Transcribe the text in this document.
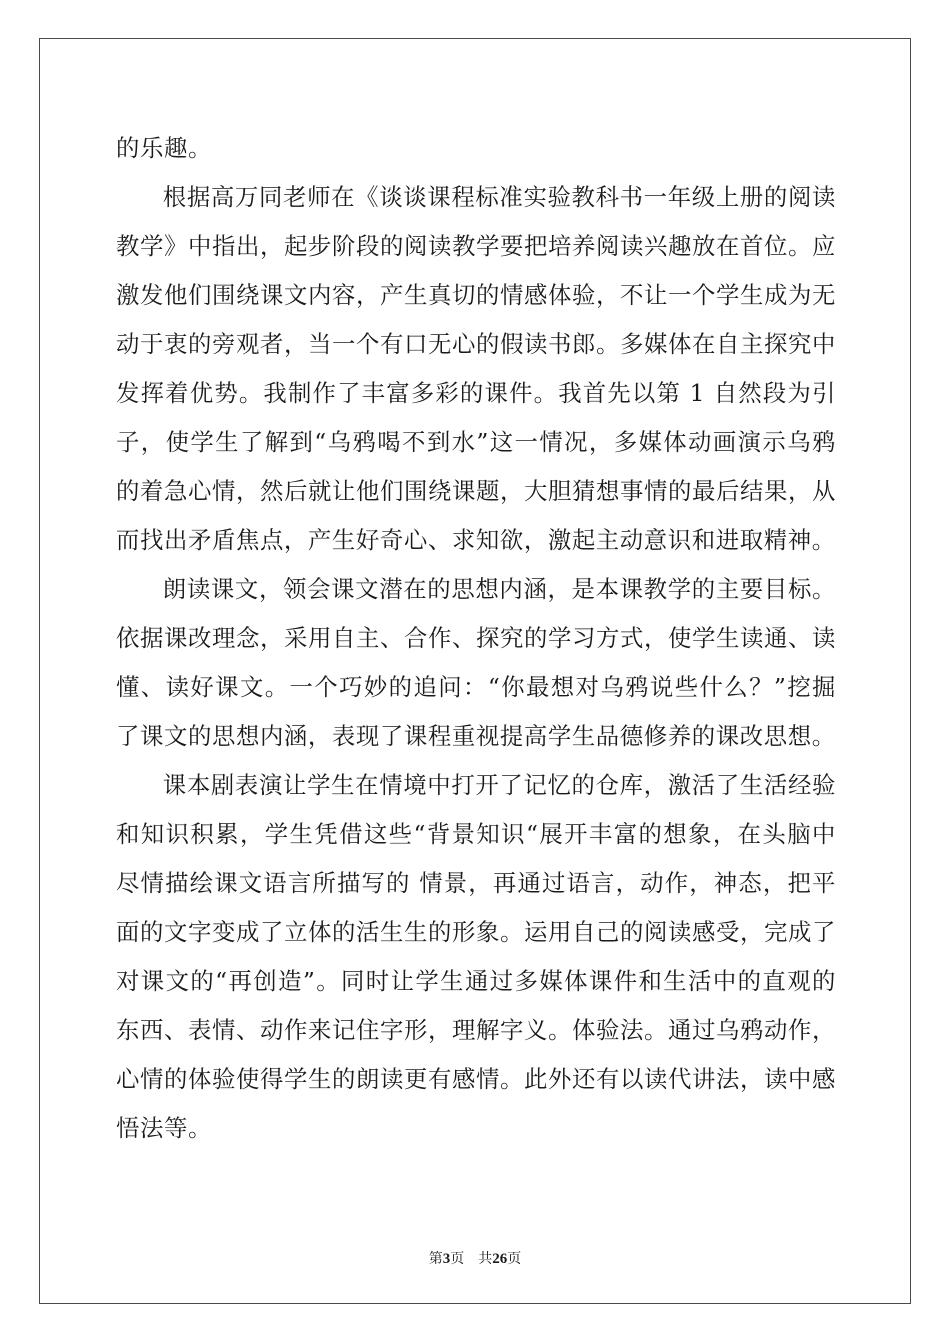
的乐趣。

根据高万同老师在《谈谈课程标准实验教科书一年级上册的阅读教学》中指出，起步阶段的阅读教学要把培养阅读兴趣放在首位。应激发他们围绕课文内容，产生真切的情感体验，不让一个学生成为无动于衷的旁观者，当一个有口无心的假读书郎。多媒体在自主探究中发挥着优势。我制作了丰富多彩的课件。我首先以第 1 自然段为引子，使学生了解到“乌鸦喝不到水”这一情况，多媒体动画演示乌鸦的着急心情，然后就让他们围绕课题，大胆猜想事情的最后结果，从而找出矛盾焦点，产生好奇心、求知欲，激起主动意识和进取精神。

朗读课文，领会课文潜在的思想内涵，是本课教学的主要目标。依据课改理念，采用自主、合作、探究的学习方式，使学生读通、读懂、读好课文。一个巧妙的追问：“你最想对乌鸦说些什么？”挖掘了课文的思想内涵，表现了课程重视提高学生品德修养的课改思想。

课本剧表演让学生在情境中打开了记忆的仓库，激活了生活经验和知识积累，学生凭借这些“背景知识“展开丰富的想象，在头脑中尽情描绘课文语言所描写的 情景，再通过语言，动作，神态，把平面的文字变成了立体的活生生的形象。运用自己的阅读感受，完成了对课文的“再创造”。同时让学生通过多媒体课件和生活中的直观的东西、表情、动作来记住字形，理解字义。体验法。通过乌鸦动作，心情的体验使得学生的朗读更有感情。此外还有以读代讲法，读中感悟法等。

第3页 共26页
